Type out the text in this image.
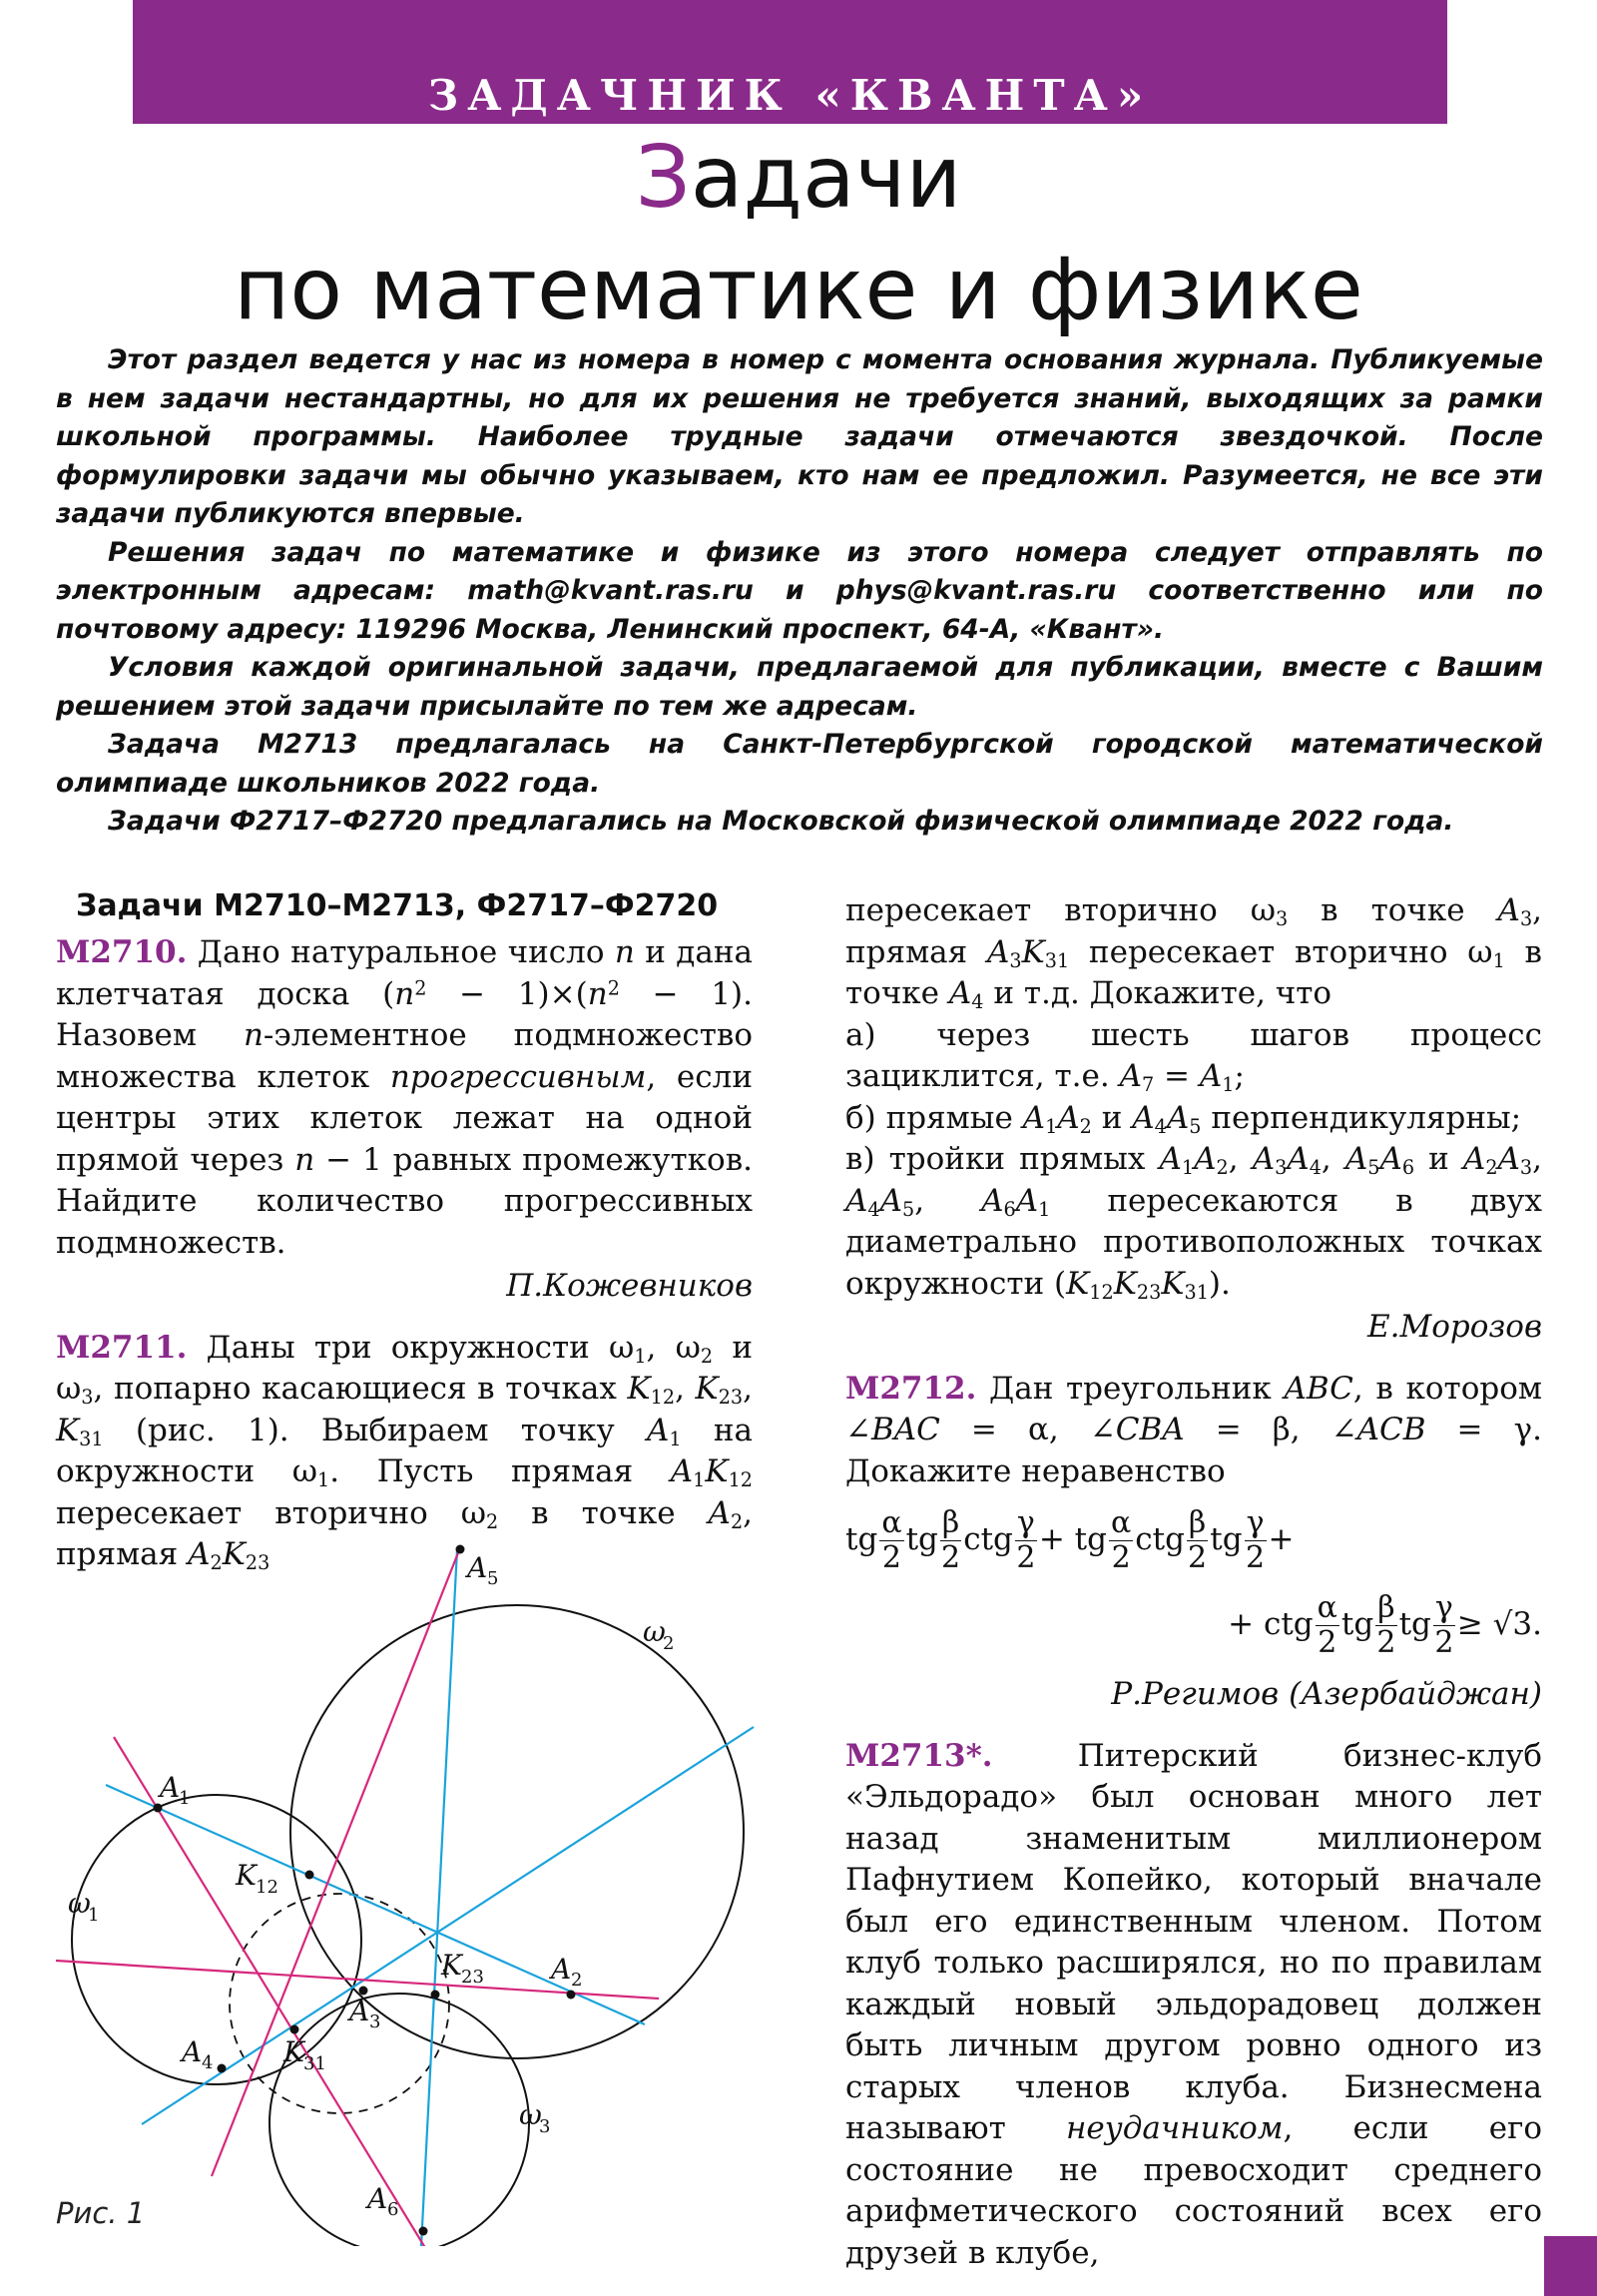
ЗАДАЧНИК «КВАНТА»
Задачи
по математике и физике

Этот раздел ведется у нас из номера в номер с момента основания журнала. Публикуемые в нем задачи нестандартны, но для их решения не требуется знаний, выходящих за рамки школьной программы. Наиболее трудные задачи отмечаются звездочкой. После формулировки задачи мы обычно указываем, кто нам ее предложил. Разумеется, не все эти задачи публикуются впервые.

Решения задач по математике и физике из этого номера следует отправлять по электронным адресам: math@kvant.ras.ru и phys@kvant.ras.ru соответственно или по почтовому адресу: 119296 Москва, Ленинский проспект, 64-А, «Квант».

Условия каждой оригинальной задачи, предлагаемой для публикации, вместе с Вашим решением этой задачи присылайте по тем же адресам.

Задача М2713 предлагалась на Санкт-Петербургской городской математической олимпиаде школьников 2022 года.

Задачи Ф2717–Ф2720 предлагались на Московской физической олимпиаде 2022 года.

Задачи М2710–М2713, Ф2717–Ф2720

М2710. Дано натуральное число n и дана клетчатая доска $(n^2 - 1)\times(n^2 - 1)$. Назовем n-элементное подмножество множества клеток прогрессивным, если центры этих клеток лежат на одной прямой через n − 1 равных промежутков. Найдите количество прогрессивных подмножеств.

П.Кожевников

М2711. Даны три окружности $\omega_1$, $\omega_2$ и $\omega_3$, попарно касающиеся в точках $K_{12}$, $K_{23}$, $K_{31}$ (рис. 1). Выбираем точку $A_1$ на окружности $\omega_1$. Пусть прямая $A_1K_{12}$ пересекает вторично $\omega_2$ в точке $A_2$, прямая $A_2K_{23}$

A
1
K 12
A 5
ω
2
ω
1
K 23 A 2
A 3
A 4	K 31
ω
3
A 6
Рис. 1

пересекает вторично $\omega_3$ в точке $A_3$, прямая $A_3K_{31}$ пересекает вторично $\omega_1$ в точке $A_4$ и т.д. Докажите, что

а) через шесть шагов процесс зациклится, т.е. $A_7 = A_1$;

б) прямые $A_1A_2$ и $A_4A_5$ перпендикулярны;

в) тройки прямых $A_1A_2$, $A_3A_4$, $A_5A_6$ и $A_2A_3$, $A_4A_5$, $A_6A_1$ пересекаются в двух диаметрально противоположных точках окружности $(K_{12}K_{23}K_{31})$.

Е.Морозов

М2712. Дан треугольник ABC, в котором ∠BAC = α, ∠CBA = β, ∠ACB = γ. Докажите неравенство

tg $\frac{\alpha}{2}$ tg $\frac{\beta}{2}$ ctg $\frac{\gamma}{2}$ + tg $\frac{\alpha}{2}$ ctg $\frac{\beta}{2}$ tg $\frac{\gamma}{2}$ +
+ ctg $\frac{\alpha}{2}$ tg $\frac{\beta}{2}$ tg $\frac{\gamma}{2} \ge √3$.

Р.Регимов (Азербайджан)

М2713*.	Питерский бизнес-клуб «Эльдорадо» был основан много лет назад знаменитым миллионером Пафнутием Копейко, который вначале был его единственным членом. Потом клуб только расширялся, но по правилам каждый новый эльдорадовец должен быть личным другом ровно одного из старых членов клуба. Бизнесмена называют неудачником, если его состояние не превосходит среднего арифметического состояний всех его друзей в клубе,
